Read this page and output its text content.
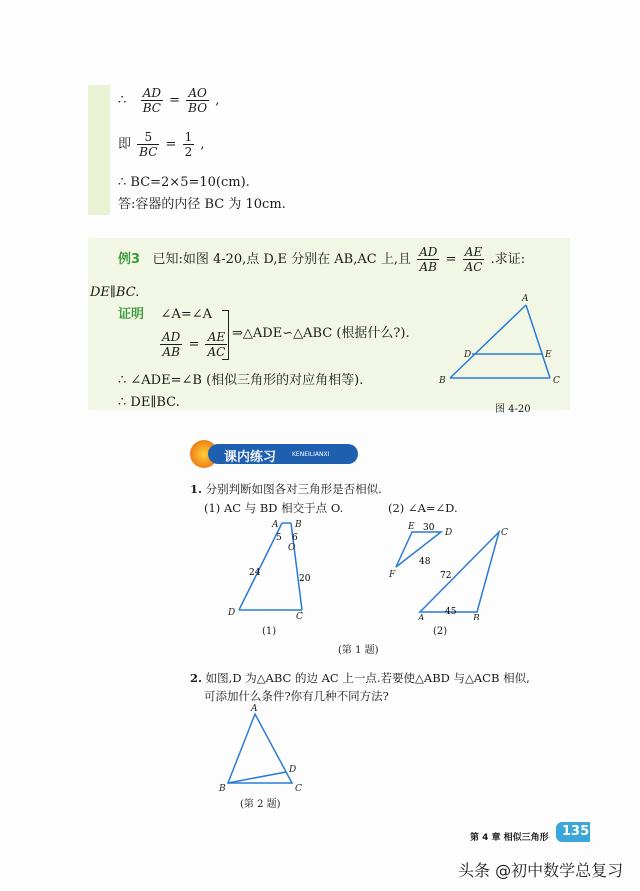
∴ $\frac{AD}{BC} = \frac{AO}{BO}$ ,
即 $\frac{5}{BC} = \frac{1}{2}$ ,
∴ BC=2×5=10(cm).
答:容器的内径 BC 为 10cm.
例3 已知:如图 4-20,点 D,E 分别在 AB,AC 上,且 $\frac{AD}{AB} = \frac{AE}{AC}$ .求证:
DE∥BC.
证明 ∠A=∠A
$\frac{AD}{AB} = \frac{AE}{AC}$ ⇒△ADE∽△ABC (根据什么?).
∴ ∠ADE=∠B (相似三角形的对应角相等).
∴ DE∥BC.
A
B	C
D	E
图 4-20
课内练习	KENEILIANXI
1. 分别判断如图各对三角形是否相似.
(1) AC 与 BD 相交于点 O.	(2) ∠A=∠D.
A B
O
D	C
5 6
24
20
(1)
E
D
F
C
A	B
30
48
72
45
(2)
(第 1 题)
2. 如图,D 为△ABC 的边 AC 上一点.若要使△ABD 与△ACB 相似,
可添加什么条件?你有几种不同方法?
A
B	C
D
(第 2 题)
第 4 章 相似三角形 135
头条 @初中数学总复习
